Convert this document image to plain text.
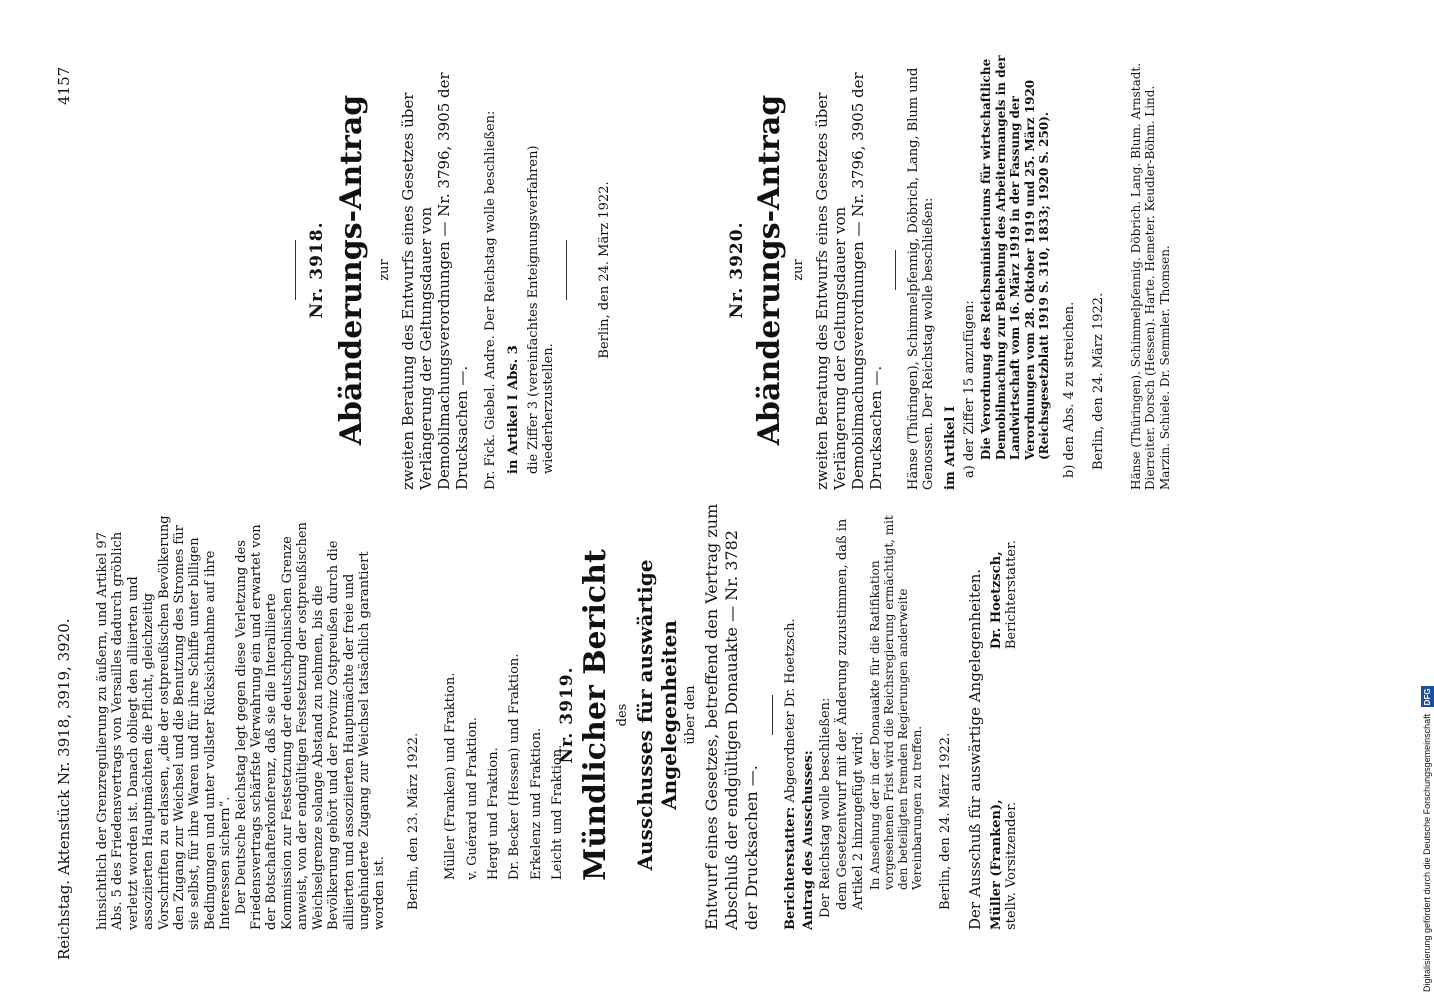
Reichstag. Aktenstück Nr. 3918, 3919, 3920.
4157

hinsichtlich der Grenzregulierung zu äußern, und Artikel 97 Abs. 5 des Friedensvertrags von Versailles dadurch gröblich verletzt worden ist. Danach obliegt den alliierten und assoziierten Hauptmächten die Pflicht, gleichzeitig Vorschriften zu erlassen, „die der ostpreußischen Bevölkerung den Zugang zur Weichsel und die Benutzung des Stromes für sie selbst, für ihre Waren und für ihre Schiffe unter billigen Bedingungen und unter vollster Rücksichtnahme auf ihre Interessen sichern“. Der Deutsche Reichstag legt gegen diese Verletzung des Friedensvertrags schärfste Verwahrung ein und erwartet von der Botschafterkonferenz, daß sie die Interalliierte Kommission zur Festsetzung der deutschpolnischen Grenze anweist, von der endgültigen Festsetzung der ostpreußischen Weichselgrenze solange Abstand zu nehmen, bis die Bevölkerung gehört und der Provinz Ostpreußen durch die alliierten und assoziierten Hauptmächte der freie und ungehinderte Zugang zur Weichsel tatsächlich garantiert worden ist. Berlin, den 23. März 1922. Müller (Franken) und Fraktion. v. Guérard und Fraktion. Hergt und Fraktion. Dr. Becker (Hessen) und Fraktion. Erkelenz und Fraktion. Leicht und Fraktion.
Nr. 3918. Abänderungs-Antrag zur zweiten Beratung des Entwurfs eines Gesetzes über Verlängerung der Geltungsdauer von Demobilmachungsverordnungen — Nr. 3796, 3905 der Drucksachen —. Dr. Fick. Giebel. Andre. Der Reichstag wolle beschließen: in Artikel I Abs. 3 die Ziffer 3 (vereinfachtes Enteignungsverfahren) wiederherzustellen.

Berlin, den 24. März 1922.

Nr. 3919. Mündlicher Bericht des Ausschusses für auswärtige Angelegenheiten über den Entwurf eines Gesetzes, betreffend den Vertrag zum Abschluß der endgültigen Donauakte — Nr. 3782 der Drucksachen —. Berichterstatter: Abgeordneter Dr. Hoetzsch.

Antrag des Ausschusses: Der Reichstag wolle beschließen: dem Gesetzentwurf mit der Änderung zuzustimmen, daß in Artikel 2 hinzugefügt wird: In Ansehung der in der Donauakte für die Ratifikation vorgesehenen Frist wird die Reichsregierung ermächtigt, mit den beteiligten fremden Regierungen anderweite Vereinbarungen zu treffen. Berlin, den 24. März 1922. Der Ausschuß für auswärtige Angelegenheiten. Müller (Franken), stellv. Vorsitzender.
Dr. Hoetzsch, Berichterstatter.
Nr. 3920. Abänderungs-Antrag zur zweiten Beratung des Entwurfs eines Gesetzes über Verlängerung der Geltungsdauer von Demobilmachungsverordnungen — Nr. 3796, 3905 der Drucksachen —. Hänse (Thüringen), Schimmelpfennig, Döbrich, Lang, Blum und Genossen. Der Reichstag wolle beschließen: im Artikel I a) der Ziffer 15 anzufügen: Die Verordnung des Reichsministeriums für wirtschaftliche Demobilmachung zur Behebung des Arbeitermangels in der Landwirtschaft vom 16. März 1919 in der Fassung der Verordnungen vom 28. Oktober 1919 und 25. März 1920 (Reichsgesetzblatt 1919 S. 310, 1833; 1920 S. 250). b) den Abs. 4 zu streichen. Berlin, den 24. März 1922. Hänse (Thüringen). Schimmelpfennig. Döbrich. Lang. Blum. Arnstadt. Dierreiter. Dorsch (Hessen). Harte. Hemeter. Keudler-Böhm. Lind. Marzin. Schiele. Dr. Semmler. Thomsen.

Digitalisierung gefördert durch die Deutsche Forschungsgemeinschaft DFG
